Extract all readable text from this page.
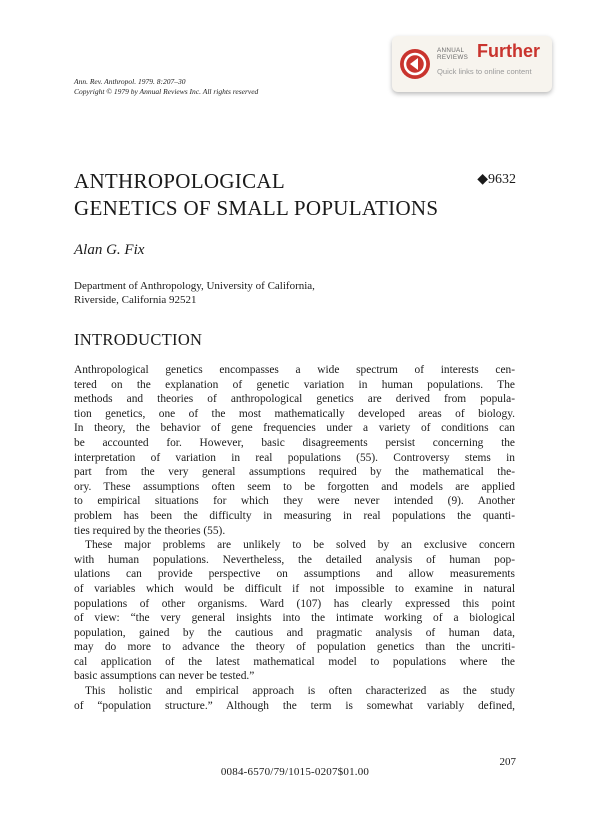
ANNUAL
REVIEWS Further
Quick links to online content
Ann. Rev. Anthropol. 1979. 8:207–30
Copyright © 1979 by Annual Reviews Inc. All rights reserved
ANTHROPOLOGICAL
GENETICS OF SMALL POPULATIONS
◆9632
Alan G. Fix
Department of Anthropology, University of California,
Riverside, California 92521
INTRODUCTION
Anthropological genetics encompasses a wide spectrum of interests cen-
tered on the explanation of genetic variation in human populations. The
methods and theories of anthropological genetics are derived from popula-
tion genetics, one of the most mathematically developed areas of biology.
In theory, the behavior of gene frequencies under a variety of conditions can
be accounted for. However, basic disagreements persist concerning the
interpretation of variation in real populations (55). Controversy stems in
part from the very general assumptions required by the mathematical the-
ory. These assumptions often seem to be forgotten and models are applied
to empirical situations for which they were never intended (9). Another
problem has been the difficulty in measuring in real populations the quanti-
ties required by the theories (55).
These major problems are unlikely to be solved by an exclusive concern
with human populations. Nevertheless, the detailed analysis of human pop-
ulations can provide perspective on assumptions and allow measurements
of variables which would be difficult if not impossible to examine in natural
populations of other organisms. Ward (107) has clearly expressed this point
of view: “the very general insights into the intimate working of a biological
population, gained by the cautious and pragmatic analysis of human data,
may do more to advance the theory of population genetics than the uncriti-
cal application of the latest mathematical model to populations where the
basic assumptions can never be tested.”
This holistic and empirical approach is often characterized as the study
of “population structure.” Although the term is somewhat variably defined,
207
0084-6570/79/1015-0207$01.00
